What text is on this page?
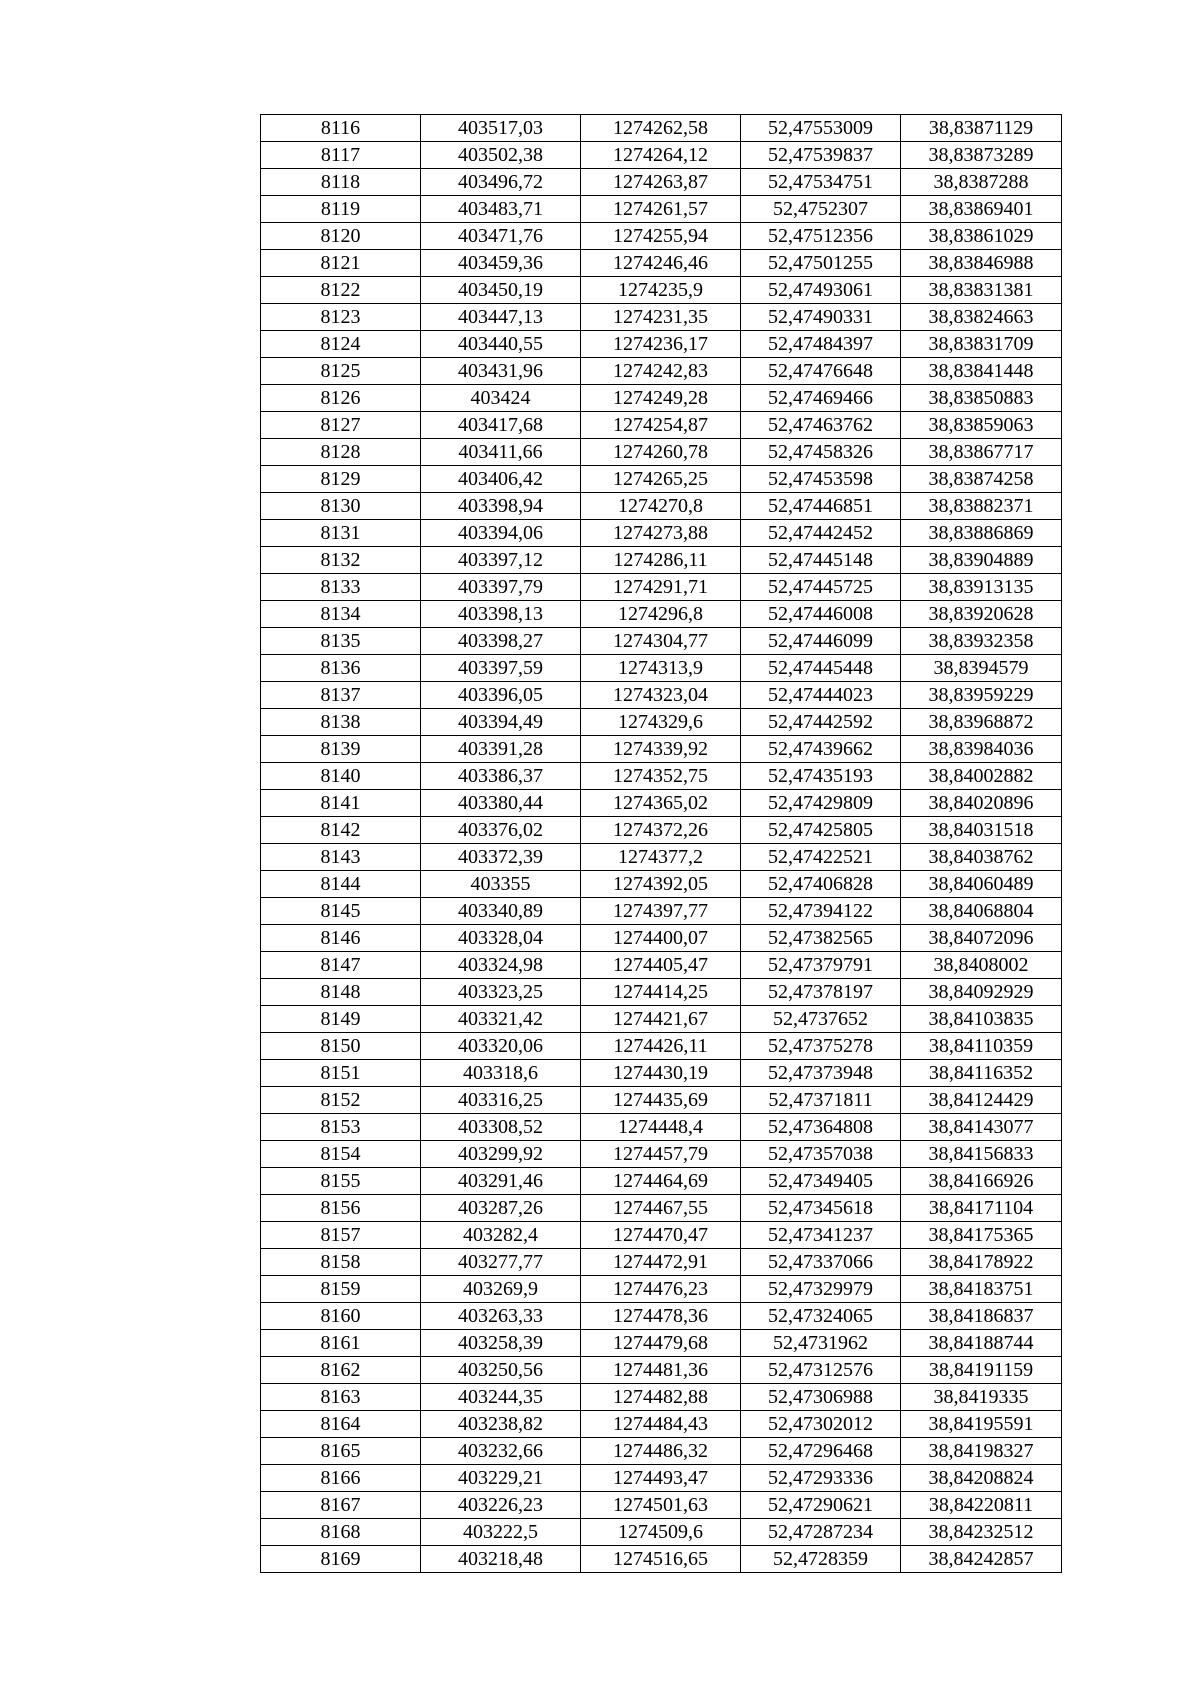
8116	403517,03	1274262,58	52,47553009	38,83871129
8117	403502,38	1274264,12	52,47539837	38,83873289
8118	403496,72	1274263,87	52,47534751	38,8387288
8119	403483,71	1274261,57	52,4752307	38,83869401
8120	403471,76	1274255,94	52,47512356	38,83861029
8121	403459,36	1274246,46	52,47501255	38,83846988
8122	403450,19	1274235,9	52,47493061	38,83831381
8123	403447,13	1274231,35	52,47490331	38,83824663
8124	403440,55	1274236,17	52,47484397	38,83831709
8125	403431,96	1274242,83	52,47476648	38,83841448
8126	403424	1274249,28	52,47469466	38,83850883
8127	403417,68	1274254,87	52,47463762	38,83859063
8128	403411,66	1274260,78	52,47458326	38,83867717
8129	403406,42	1274265,25	52,47453598	38,83874258
8130	403398,94	1274270,8	52,47446851	38,83882371
8131	403394,06	1274273,88	52,47442452	38,83886869
8132	403397,12	1274286,11	52,47445148	38,83904889
8133	403397,79	1274291,71	52,47445725	38,83913135
8134	403398,13	1274296,8	52,47446008	38,83920628
8135	403398,27	1274304,77	52,47446099	38,83932358
8136	403397,59	1274313,9	52,47445448	38,8394579
8137	403396,05	1274323,04	52,47444023	38,83959229
8138	403394,49	1274329,6	52,47442592	38,83968872
8139	403391,28	1274339,92	52,47439662	38,83984036
8140	403386,37	1274352,75	52,47435193	38,84002882
8141	403380,44	1274365,02	52,47429809	38,84020896
8142	403376,02	1274372,26	52,47425805	38,84031518
8143	403372,39	1274377,2	52,47422521	38,84038762
8144	403355	1274392,05	52,47406828	38,84060489
8145	403340,89	1274397,77	52,47394122	38,84068804
8146	403328,04	1274400,07	52,47382565	38,84072096
8147	403324,98	1274405,47	52,47379791	38,8408002
8148	403323,25	1274414,25	52,47378197	38,84092929
8149	403321,42	1274421,67	52,4737652	38,84103835
8150	403320,06	1274426,11	52,47375278	38,84110359
8151	403318,6	1274430,19	52,47373948	38,84116352
8152	403316,25	1274435,69	52,47371811	38,84124429
8153	403308,52	1274448,4	52,47364808	38,84143077
8154	403299,92	1274457,79	52,47357038	38,84156833
8155	403291,46	1274464,69	52,47349405	38,84166926
8156	403287,26	1274467,55	52,47345618	38,84171104
8157	403282,4	1274470,47	52,47341237	38,84175365
8158	403277,77	1274472,91	52,47337066	38,84178922
8159	403269,9	1274476,23	52,47329979	38,84183751
8160	403263,33	1274478,36	52,47324065	38,84186837
8161	403258,39	1274479,68	52,4731962	38,84188744
8162	403250,56	1274481,36	52,47312576	38,84191159
8163	403244,35	1274482,88	52,47306988	38,8419335
8164	403238,82	1274484,43	52,47302012	38,84195591
8165	403232,66	1274486,32	52,47296468	38,84198327
8166	403229,21	1274493,47	52,47293336	38,84208824
8167	403226,23	1274501,63	52,47290621	38,84220811
8168	403222,5	1274509,6	52,47287234	38,84232512
8169	403218,48	1274516,65	52,4728359	38,84242857
